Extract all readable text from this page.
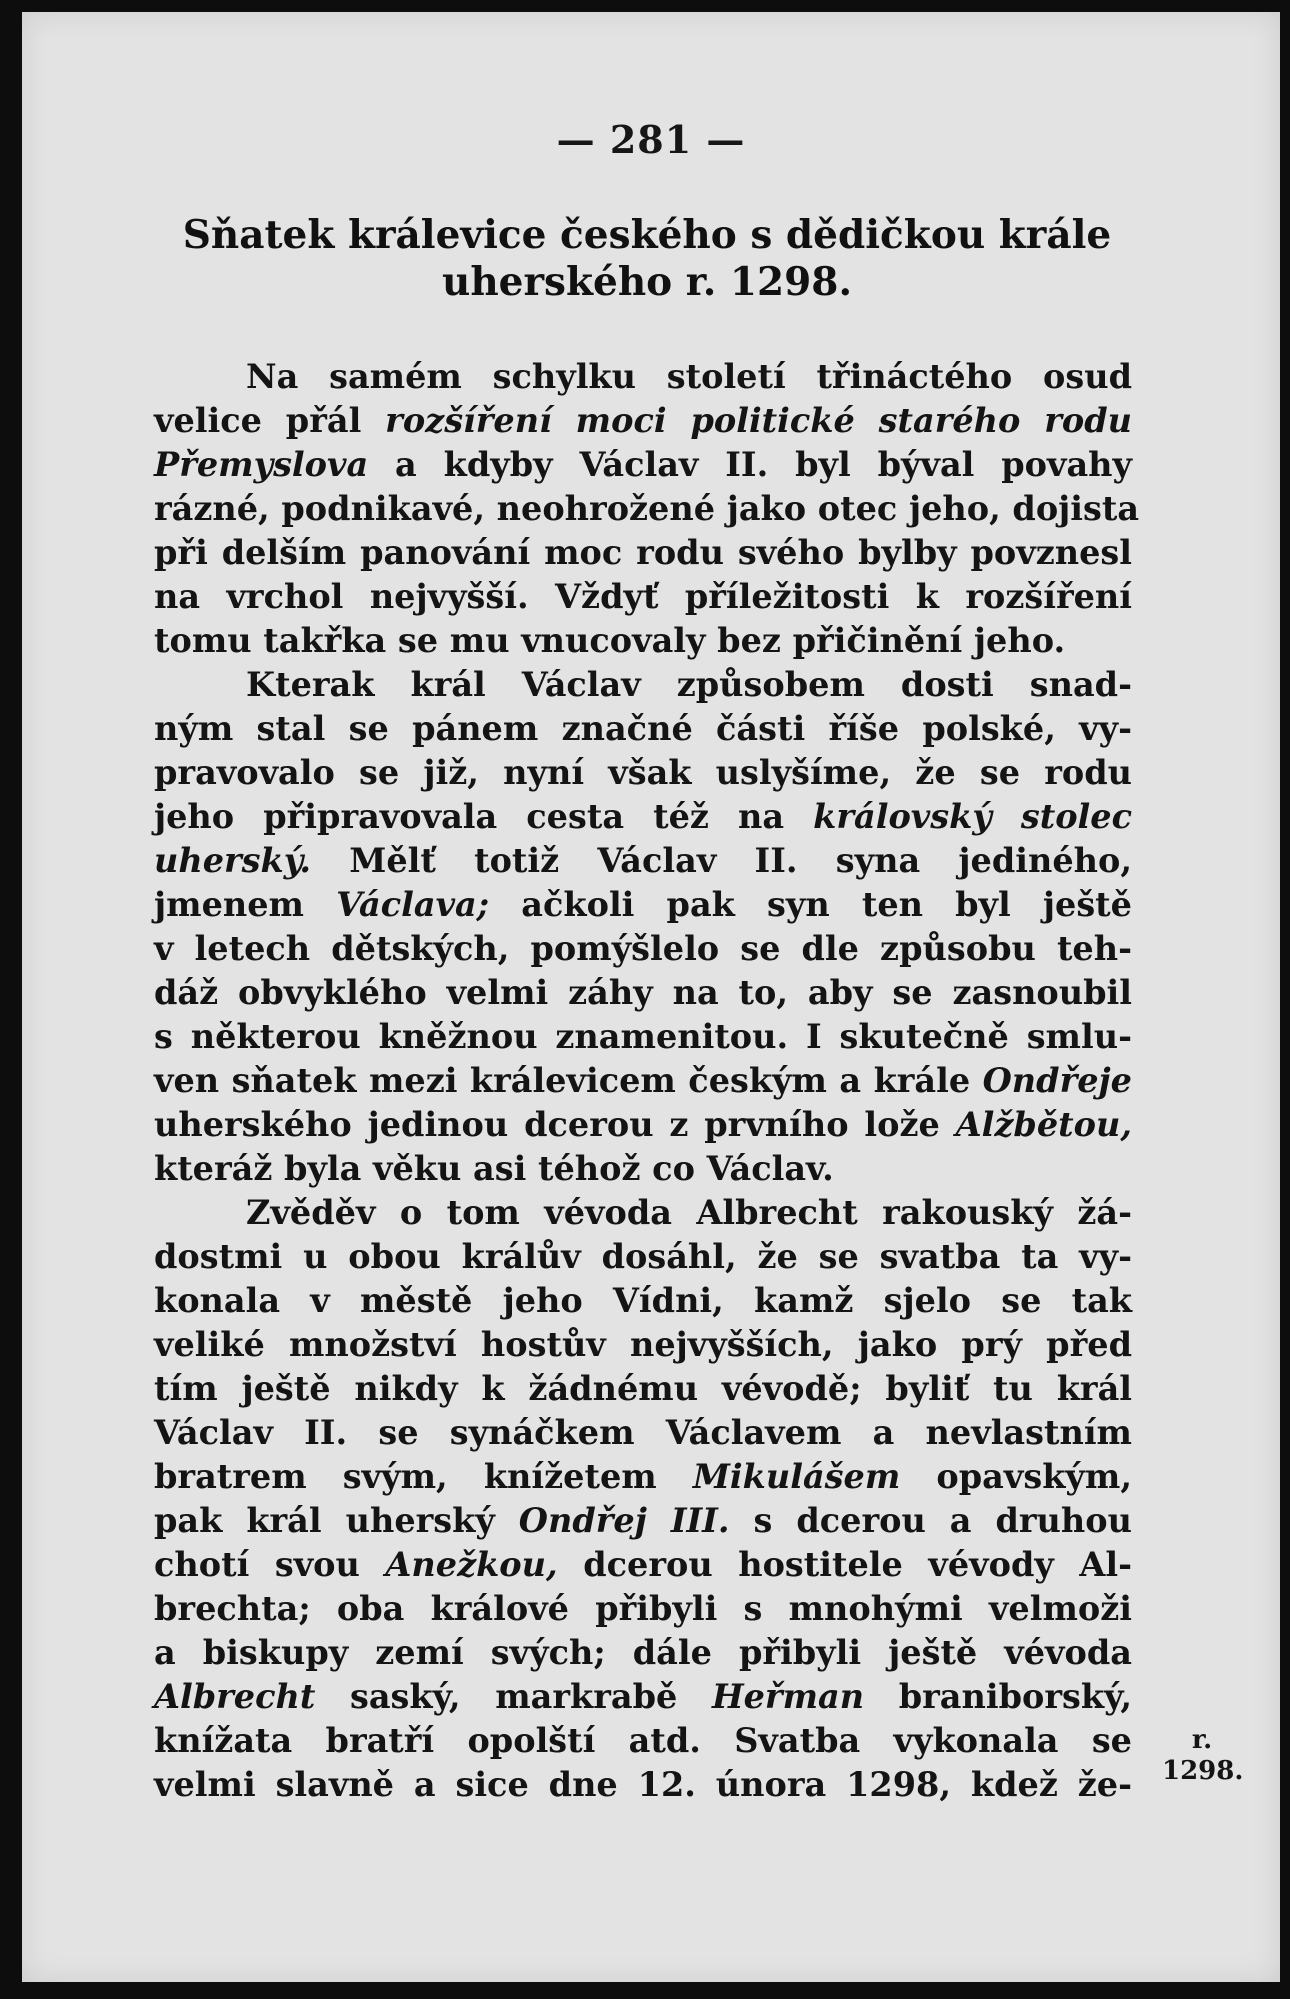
— 281 —
Sňatek králevice českého s dědičkou krále
uherského r. 1298.
Na samém schylku století třináctého osud
velice přál rozšíření moci politické starého rodu
Přemyslova a kdyby Václav II. byl býval povahy
rázné, podnikavé, neohrožené jako otec jeho, dojista
při delším panování moc rodu svého bylby povznesl
na vrchol nejvyšší. Vždyť příležitosti k rozšíření
tomu takřka se mu vnucovaly bez přičinění jeho.
Kterak král Václav způsobem dosti snad-
ným stal se pánem značné části říše polské, vy-
pravovalo se již, nyní však uslyšíme, že se rodu
jeho připravovala cesta též na královský stolec
uherský. Mělť totiž Václav II. syna jediného,
jmenem Václava; ačkoli pak syn ten byl ještě
v letech dětských, pomýšlelo se dle způsobu teh-
dáž obvyklého velmi záhy na to, aby se zasnoubil
s některou kněžnou znamenitou. I skutečně smlu-
ven sňatek mezi králevicem českým a krále Ondřeje
uherského jedinou dcerou z prvního lože Alžbětou,
kteráž byla věku asi téhož co Václav.
Zvěděv o tom vévoda Albrecht rakouský žá-
dostmi u obou králův dosáhl, že se svatba ta vy-
konala v městě jeho Vídni, kamž sjelo se tak
veliké množství hostův nejvyšších, jako prý před
tím ještě nikdy k žádnému vévodě; byliť tu král
Václav II. se synáčkem Václavem a nevlastním
bratrem svým, knížetem Mikulášem opavským,
pak král uherský Ondřej III. s dcerou a druhou
chotí svou Anežkou, dcerou hostitele vévody Al-
brechta; oba králové přibyli s mnohými velmoži
a biskupy zemí svých; dále přibyli ještě vévoda
Albrecht saský, markrabě Heřman braniborský,
knížata bratří opolští atd. Svatba vykonala se
velmi slavně a sice dne 12. února 1298, kdež že-
r.
1298.
